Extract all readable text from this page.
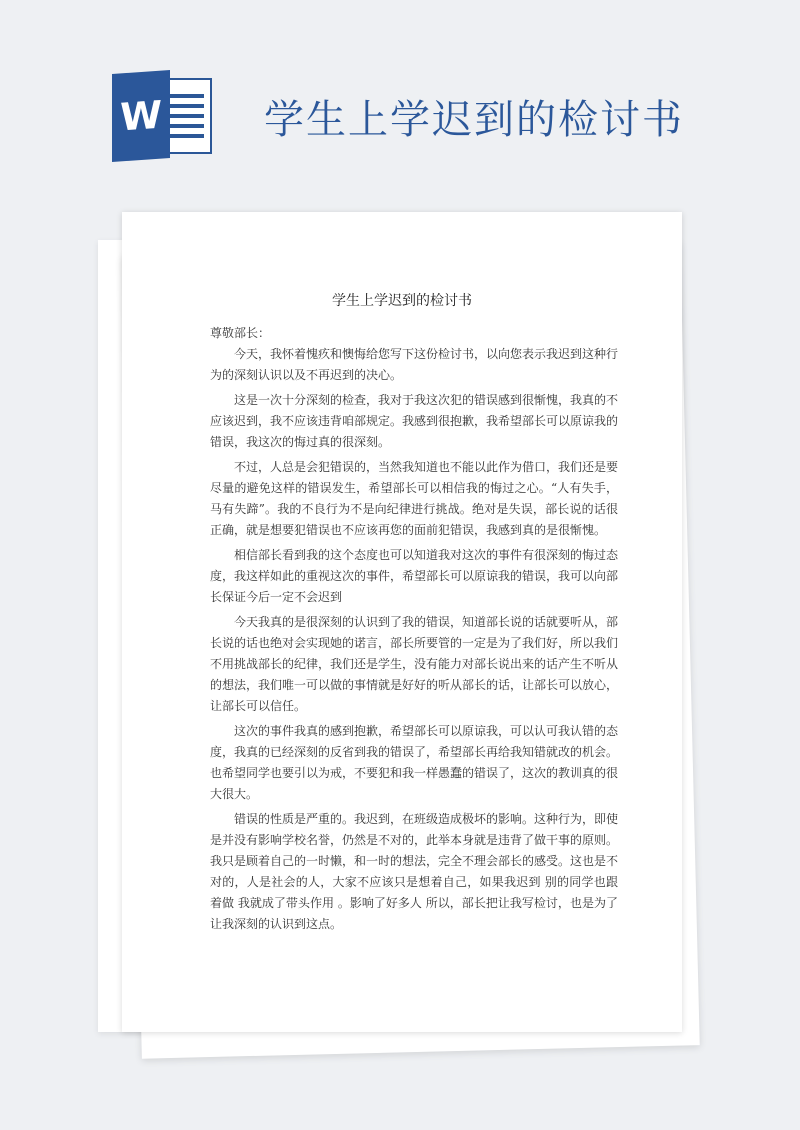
W	学生上学迟到的检讨书
学生上学迟到的检讨书
尊敬部长：

今天，我怀着愧疚和懊悔给您写下这份检讨书，以向您表示我迟到这种行为的深刻认识以及不再迟到的决心。

这是一次十分深刻的检查，我对于我这次犯的错误感到很惭愧，我真的不应该迟到，我不应该违背咱部规定。我感到很抱歉，我希望部长可以原谅我的错误，我这次的悔过真的很深刻。

不过，人总是会犯错误的，当然我知道也不能以此作为借口，我们还是要尽量的避免这样的错误发生，希望部长可以相信我的悔过之心。“人有失手，马有失蹄”。我的不良行为不是向纪律进行挑战。绝对是失误，部长说的话很正确，就是想要犯错误也不应该再您的面前犯错误，我感到真的是很惭愧。

相信部长看到我的这个态度也可以知道我对这次的事件有很深刻的悔过态度，我这样如此的重视这次的事件，希望部长可以原谅我的错误，我可以向部长保证今后一定不会迟到

今天我真的是很深刻的认识到了我的错误，知道部长说的话就要听从，部长说的话也绝对会实现她的诺言，部长所要管的一定是为了我们好，所以我们不用挑战部长的纪律，我们还是学生，没有能力对部长说出来的话产生不听从的想法，我们唯一可以做的事情就是好好的听从部长的话，让部长可以放心，让部长可以信任。

这次的事件我真的感到抱歉，希望部长可以原谅我，可以认可我认错的态度，我真的已经深刻的反省到我的错误了，希望部长再给我知错就改的机会。也希望同学也要引以为戒，不要犯和我一样愚蠢的错误了，这次的教训真的很大很大。

错误的性质是严重的。我迟到，在班级造成极坏的影响。这种行为，即使是并没有影响学校名誉，仍然是不对的，此举本身就是违背了做干事的原则。我只是顾着自己的一时懒，和一时的想法，完全不理会部长的感受。这也是不对的，人是社会的人，大家不应该只是想着自己，如果我迟到 别的同学也跟着做 我就成了带头作用 。影响了好多人 所以，部长把让我写检讨，也是为了让我深刻的认识到这点。
